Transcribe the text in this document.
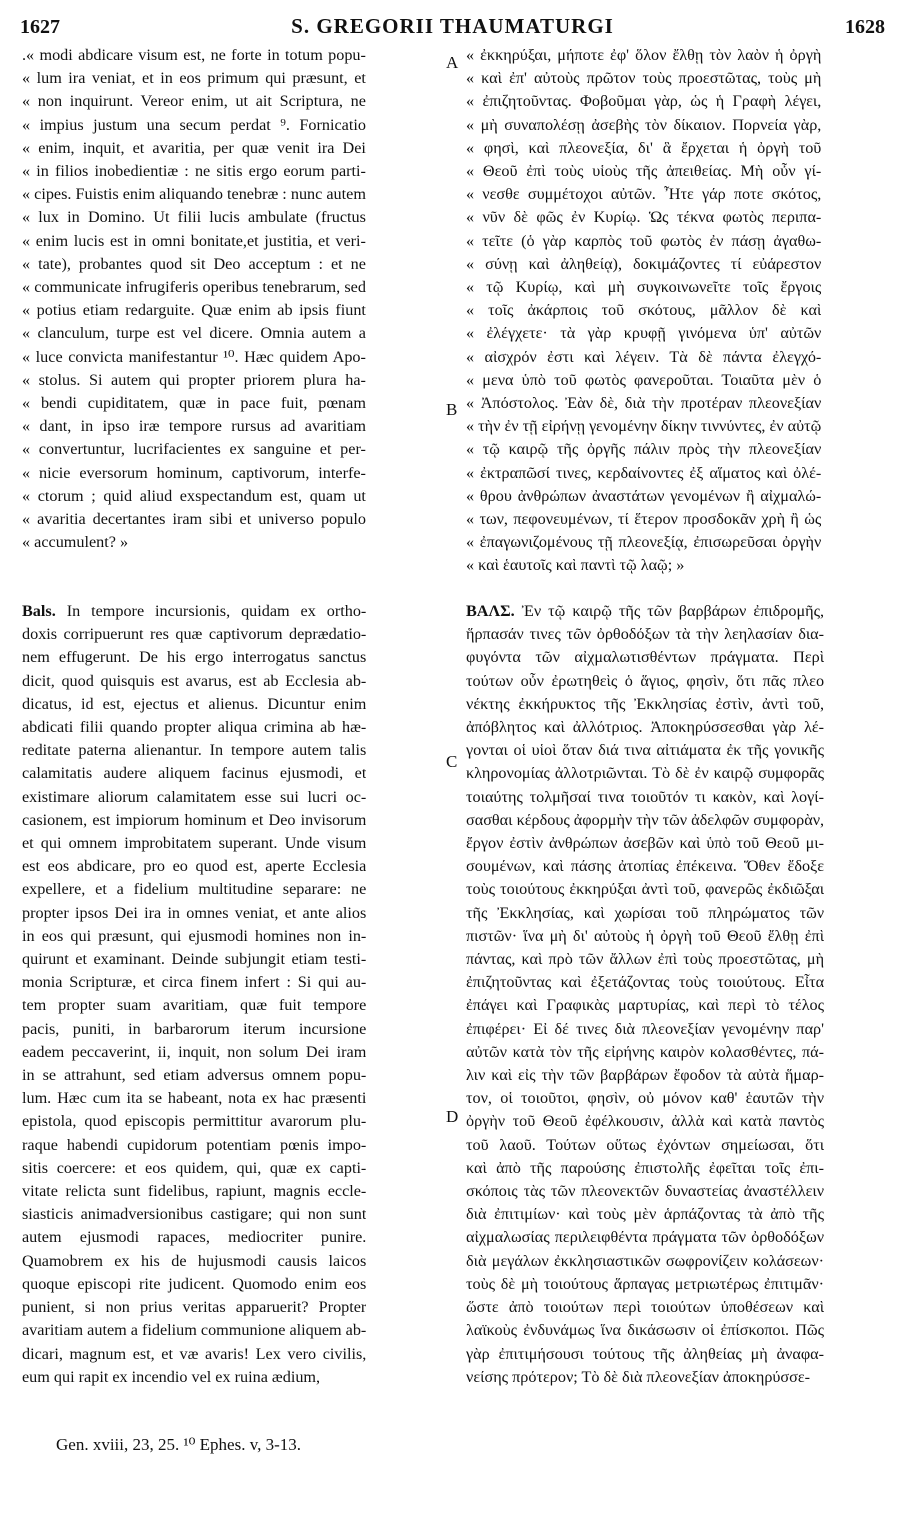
1627	S. GREGORII THAUMATURGI	1628
.« modi abdicare visum est, ne forte in totum popu-
« lum ira veniat, et in eos primum qui præsunt, et
« non inquirunt. Vereor enim, ut ait Scriptura, ne
« impius justum una secum perdat ⁹. Fornicatio
« enim, inquit, et avaritia, per quæ venit ira Dei
« in filios inobedientiæ : ne sitis ergo eorum parti-
« cipes. Fuistis enim aliquando tenebræ : nunc autem
« lux in Domino. Ut filii lucis ambulate (fructus
« enim lucis est in omni bonitate,et justitia, et veri-
« tate), probantes quod sit Deo acceptum : et ne
« communicate infrugiferis operibus tenebrarum, sed
« potius etiam redarguite. Quæ enim ab ipsis fiunt
« clanculum, turpe est vel dicere. Omnia autem a
« luce convicta manifestantur ¹⁰. Hæc quidem Apo-
« stolus. Si autem qui propter priorem plura ha-
« bendi cupiditatem, quæ in pace fuit, pœnam
« dant, in ipso iræ tempore rursus ad avaritiam
« convertuntur, lucrifacientes ex sanguine et per-
« nicie eversorum hominum, captivorum, interfe-
« ctorum ; quid aliud exspectandum est, quam ut
« avaritia decertantes iram sibi et universo populo
« accumulent? »
Bals. In tempore incursionis, quidam ex ortho-
doxis corripuerunt res quæ captivorum deprædatio-
nem effugerunt. De his ergo interrogatus sanctus
dicit, quod quisquis est avarus, est ab Ecclesia ab-
dicatus, id est, ejectus et alienus. Dicuntur enim
abdicati filii quando propter aliqua crimina ab hæ-
reditate paterna alienantur. In tempore autem talis
calamitatis audere aliquem facinus ejusmodi, et
existimare aliorum calamitatem esse sui lucri oc-
casionem, est impiorum hominum et Deo invisorum
et qui omnem improbitatem superant. Unde visum
est eos abdicare, pro eo quod est, aperte Ecclesia
expellere, et a fidelium multitudine separare: ne
propter ipsos Dei ira in omnes veniat, et ante alios
in eos qui præsunt, qui ejusmodi homines non in-
quirunt et examinant. Deinde subjungit etiam testi-
monia Scripturæ, et circa finem infert : Si qui au-
tem propter suam avaritiam, quæ fuit tempore
pacis, puniti, in barbarorum iterum incursione
eadem peccaverint, ii, inquit, non solum Dei iram
in se attrahunt, sed etiam adversus omnem popu-
lum. Hæc cum ita se habeant, nota ex hac præsenti
epistola, quod episcopis permittitur avarorum plu-
raque habendi cupidorum potentiam pœnis impo-
sitis coercere: et eos quidem, qui, quæ ex capti-
vitate relicta sunt fidelibus, rapiunt, magnis eccle-
siasticis animadversionibus castigare; qui non sunt
autem ejusmodi rapaces, mediocriter punire.
Quamobrem ex his de hujusmodi causis laicos
quoque episcopi rite judicent. Quomodo enim eos
punient, si non prius veritas apparuerit? Propter
avaritiam autem a fidelium communione aliquem ab-
dicari, magnum est, et væ avaris! Lex vero civilis,
eum qui rapit ex incendio vel ex ruina ædium,
« ἐκκηρύξαι, μήποτε ἐφ' ὅλον ἔλθῃ τὸν λαὸν ἡ ὀργὴ
« καὶ ἐπ' αὐτοὺς πρῶτον τοὺς προεστῶτας, τοὺς μὴ
« ἐπιζητοῦντας. Φοβοῦμαι γὰρ, ὡς ἡ Γραφὴ λέγει,
« μὴ συναπολέσῃ ἀσεβὴς τὸν δίκαιον. Πορνεία γὰρ,
« φησὶ, καὶ πλεονεξία, δι' ἃ ἔρχεται ἡ ὀργὴ τοῦ
« Θεοῦ ἐπὶ τοὺς υἱοὺς τῆς ἀπειθείας. Μὴ οὖν γί-
« νεσθε συμμέτοχοι αὐτῶν. Ἦτε γάρ ποτε σκότος,
« νῦν δὲ φῶς ἐν Κυρίῳ. Ὡς τέκνα φωτὸς περιπα-
« τεῖτε (ὁ γὰρ καρπὸς τοῦ φωτὸς ἐν πάσῃ ἀγαθω-
« σύνῃ καὶ ἀληθείᾳ), δοκιμάζοντες τί εὐάρεστον
« τῷ Κυρίῳ, καὶ μὴ συγκοινωνεῖτε τοῖς ἔργοις
« τοῖς ἀκάρποις τοῦ σκότους, μᾶλλον δὲ καὶ
« ἐλέγχετε· τὰ γὰρ κρυφῇ γινόμενα ὑπ' αὐτῶν
« αἰσχρόν ἐστι καὶ λέγειν. Τὰ δὲ πάντα ἐλεγχό-
« μενα ὑπὸ τοῦ φωτὸς φανεροῦται. Τοιαῦτα μὲν ὁ
« Ἀπόστολος. Ἐὰν δὲ, διὰ τὴν προτέραν πλεονεξίαν
« τὴν ἐν τῇ εἰρήνῃ γενομένην δίκην τιννύντες, ἐν αὐτῷ
« τῷ καιρῷ τῆς ὀργῆς πάλιν πρὸς τὴν πλεονεξίαν
« ἐκτραπῶσί τινες, κερδαίνοντες ἐξ αἵματος καὶ ὀλέ-
« θρου ἀνθρώπων ἀναστάτων γενομένων ἢ αἰχμαλώ-
« των, πεφονευμένων, τί ἕτερον προσδοκᾶν χρὴ ἢ ὡς
« ἐπαγωνιζομένους τῇ πλεονεξίᾳ, ἐπισωρεῦσαι ὀργὴν
« καὶ ἑαυτοῖς καὶ παντὶ τῷ λαῷ; »
ΒΑΛΣ. Ἐν τῷ καιρῷ τῆς τῶν βαρβάρων ἐπιδρομῆς,
ἥρπασάν τινες τῶν ὀρθοδόξων τὰ τὴν λεηλασίαν δια-
φυγόντα τῶν αἰχμαλωτισθέντων πράγματα. Περὶ
τούτων οὖν ἐρωτηθεὶς ὁ ἅγιος, φησὶν, ὅτι πᾶς πλεο
νέκτης ἐκκήρυκτος τῆς Ἐκκλησίας ἐστὶν, ἀντὶ τοῦ,
ἀπόβλητος καὶ ἀλλότριος. Ἀποκηρύσσεσθαι γὰρ λέ-
γονται οἱ υἱοὶ ὅταν διά τινα αἰτιάματα ἐκ τῆς γονικῆς
κληρονομίας ἀλλοτριῶνται. Τὸ δὲ ἐν καιρῷ συμφορᾶς
τοιαύτης τολμῆσαί τινα τοιοῦτόν τι κακὸν, καὶ λογί-
σασθαι κέρδους ἀφορμὴν τὴν τῶν ἀδελφῶν συμφορὰν,
ἔργον ἐστὶν ἀνθρώπων ἀσεβῶν καὶ ὑπὸ τοῦ Θεοῦ μι-
σουμένων, καὶ πάσης ἀτοπίας ἐπέκεινα. Ὅθεν ἔδοξε
τοὺς τοιούτους ἐκκηρύξαι ἀντὶ τοῦ, φανερῶς ἐκδιῶξαι
τῆς Ἐκκλησίας, καὶ χωρίσαι τοῦ πληρώματος τῶν
πιστῶν· ἵνα μὴ δι' αὐτοὺς ἡ ὀργὴ τοῦ Θεοῦ ἔλθῃ ἐπὶ
πάντας, καὶ πρὸ τῶν ἄλλων ἐπὶ τοὺς προεστῶτας, μὴ
ἐπιζητοῦντας καὶ ἐξετάζοντας τοὺς τοιούτους. Εἶτα
ἐπάγει καὶ Γραφικὰς μαρτυρίας, καὶ περὶ τὸ τέλος
ἐπιφέρει· Εἰ δέ τινες διὰ πλεονεξίαν γενομένην παρ'
αὐτῶν κατὰ τὸν τῆς εἰρήνης καιρὸν κολασθέντες, πά-
λιν καὶ εἰς τὴν τῶν βαρβάρων ἔφοδον τὰ αὐτὰ ἥμαρ-
τον, οἱ τοιοῦτοι, φησὶν, οὐ μόνον καθ' ἑαυτῶν τὴν
ὀργὴν τοῦ Θεοῦ ἐφέλκουσιν, ἀλλὰ καὶ κατὰ παντὸς
τοῦ λαοῦ. Τούτων οὕτως ἐχόντων σημείωσαι, ὅτι
καὶ ἀπὸ τῆς παρούσης ἐπιστολῆς ἐφεῖται τοῖς ἐπι-
σκόποις τὰς τῶν πλεονεκτῶν δυναστείας ἀναστέλλειν
διὰ ἐπιτιμίων· καὶ τοὺς μὲν ἁρπάζοντας τὰ ἀπὸ τῆς
αἰχμαλωσίας περιλειφθέντα πράγματα τῶν ὀρθοδόξων
διὰ μεγάλων ἐκκλησιαστικῶν σωφρονίζειν κολάσεων·
τοὺς δὲ μὴ τοιούτους ἅρπαγας μετριωτέρως ἐπιτιμᾶν·
ὥστε ἀπὸ τοιούτων περὶ τοιούτων ὑποθέσεων καὶ
λαϊκοὺς ἐνδυνάμως ἵνα δικάσωσιν οἱ ἐπίσκοποι. Πῶς
γὰρ ἐπιτιμήσουσι τούτους τῆς ἀληθείας μὴ ἀναφα-
νείσης πρότερον; Τὸ δὲ διὰ πλεονεξίαν ἀποκηρύσσε-
A
B
C
D
Gen. xviii, 23, 25. ¹⁰ Ephes. v, 3-13.
